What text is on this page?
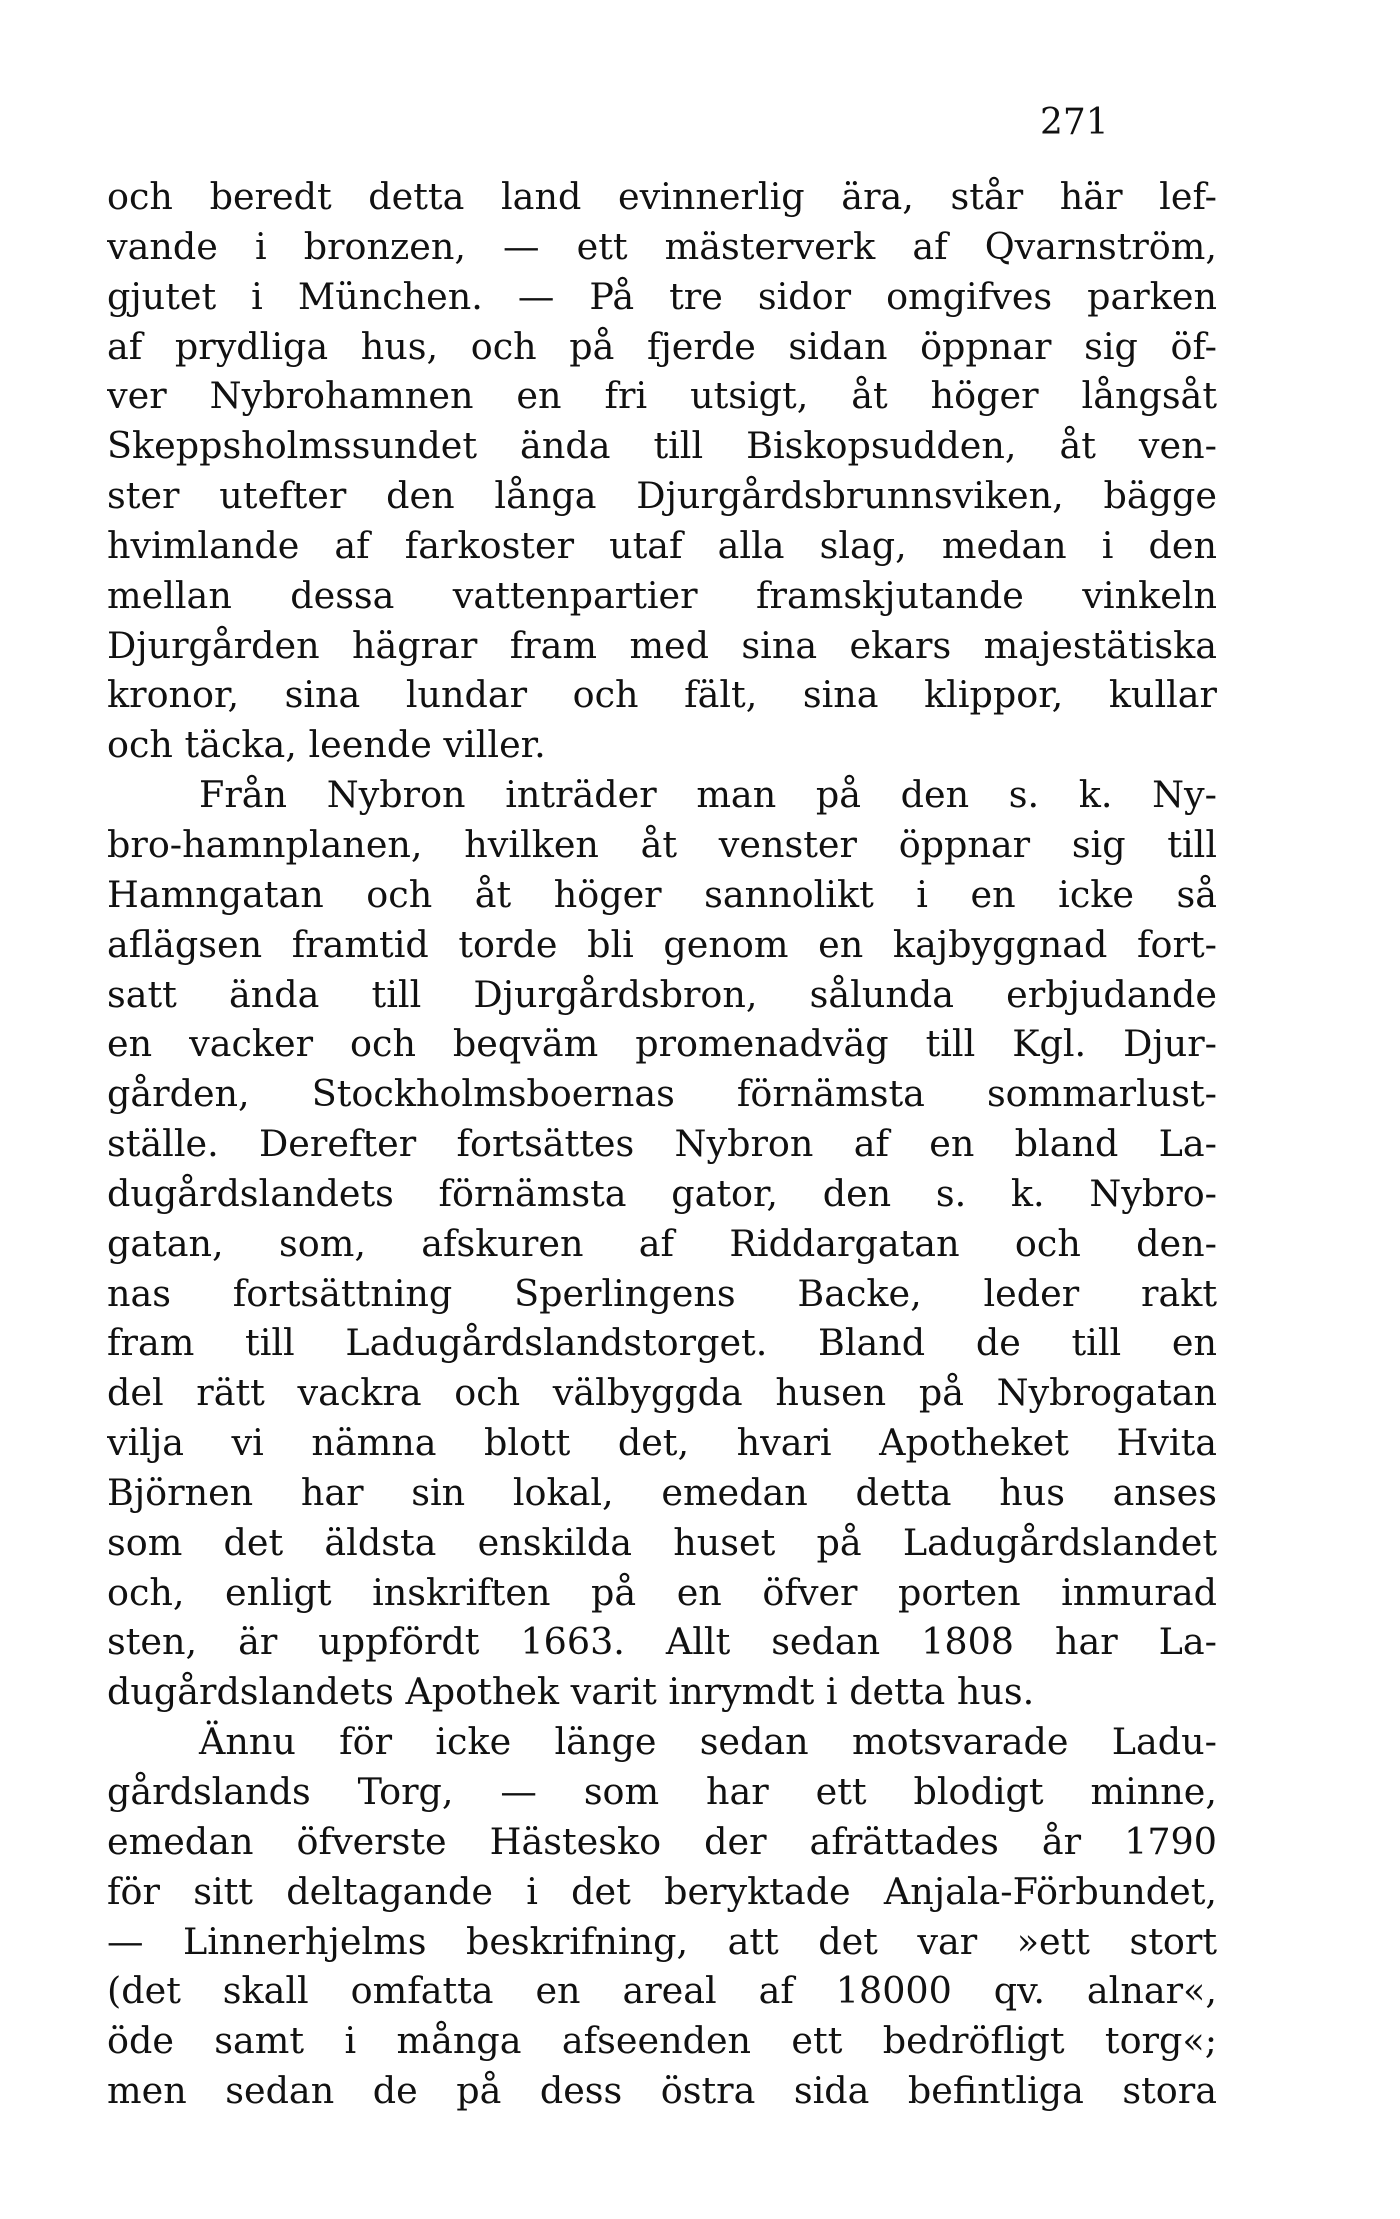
271
och beredt detta land evinnerlig ära, står här lef-
vande i bronzen, — ett mästerverk af Qvarnström,
gjutet i München. — På tre sidor omgifves parken
af prydliga hus, och på fjerde sidan öppnar sig öf-
ver Nybrohamnen en fri utsigt, åt höger långsåt
Skeppsholmssundet ända till Biskopsudden, åt ven-
ster utefter den långa Djurgårdsbrunnsviken, bägge
hvimlande af farkoster utaf alla slag, medan i den
mellan dessa vattenpartier framskjutande vinkeln
Djurgården hägrar fram med sina ekars majestätiska
kronor, sina lundar och fält, sina klippor, kullar
och täcka, leende viller.
Från Nybron inträder man på den s. k. Ny-
bro-hamnplanen, hvilken åt venster öppnar sig till
Hamngatan och åt höger sannolikt i en icke så
aflägsen framtid torde bli genom en kajbyggnad fort-
satt ända till Djurgårdsbron, sålunda erbjudande
en vacker och beqväm promenadväg till Kgl. Djur-
gården, Stockholmsboernas förnämsta sommarlust-
ställe. Derefter fortsättes Nybron af en bland La-
dugårdslandets förnämsta gator, den s. k. Nybro-
gatan, som, afskuren af Riddargatan och den-
nas fortsättning Sperlingens Backe, leder rakt
fram till Ladugårdslandstorget. Bland de till en
del rätt vackra och välbyggda husen på Nybrogatan
vilja vi nämna blott det, hvari Apotheket Hvita
Björnen har sin lokal, emedan detta hus anses
som det äldsta enskilda huset på Ladugårdslandet
och, enligt inskriften på en öfver porten inmurad
sten, är uppfördt 1663. Allt sedan 1808 har La-
dugårdslandets Apothek varit inrymdt i detta hus.
Ännu för icke länge sedan motsvarade Ladu-
gårdslands Torg, — som har ett blodigt minne,
emedan öfverste Hästesko der afrättades år 1790
för sitt deltagande i det beryktade Anjala-Förbundet,
— Linnerhjelms beskrifning, att det var »ett stort
(det skall omfatta en areal af 18000 qv. alnar«,
öde samt i många afseenden ett bedröfligt torg«;
men sedan de på dess östra sida befintliga stora
